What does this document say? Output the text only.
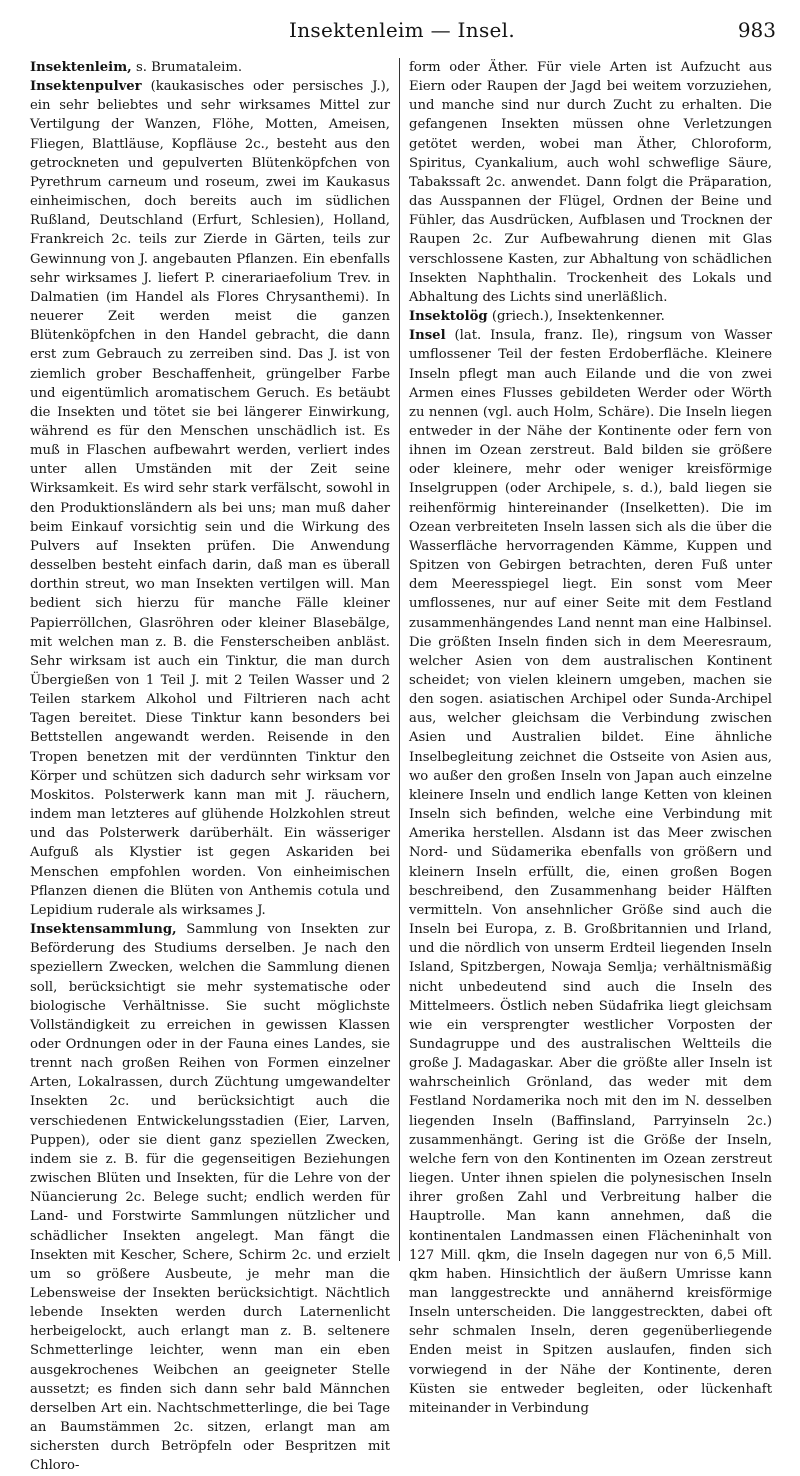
Insektenleim — Insel.	983

Insektenleim, s. Brumataleim.

Insektenpulver (kaukasisches oder persisches J.), ein sehr beliebtes und sehr wirksames Mittel zur Vertilgung der Wanzen, Flöhe, Motten, Ameisen, Fliegen, Blattläuse, Kopfläuse 2c., besteht aus den getrockneten und gepulverten Blütenköpfchen von Pyrethrum carneum und roseum, zwei im Kaukasus einheimischen, doch bereits auch im südlichen Rußland, Deutschland (Erfurt, Schlesien), Holland, Frankreich 2c. teils zur Zierde in Gärten, teils zur Gewinnung von J. angebauten Pflanzen. Ein ebenfalls sehr wirksames J. liefert P. cinerariaefolium Trev. in Dalmatien (im Handel als Flores Chrysanthemi). In neuerer Zeit werden meist die ganzen Blütenköpfchen in den Handel gebracht, die dann erst zum Gebrauch zu zerreiben sind. Das J. ist von ziemlich grober Beschaffenheit, grüngelber Farbe und eigentümlich aromatischem Geruch. Es betäubt die Insekten und tötet sie bei längerer Einwirkung, während es für den Menschen unschädlich ist. Es muß in Flaschen aufbewahrt werden, verliert indes unter allen Umständen mit der Zeit seine Wirksamkeit. Es wird sehr stark verfälscht, sowohl in den Produktionsländern als bei uns; man muß daher beim Einkauf vorsichtig sein und die Wirkung des Pulvers auf Insekten prüfen. Die Anwendung desselben besteht einfach darin, daß man es überall dorthin streut, wo man Insekten vertilgen will. Man bedient sich hierzu für manche Fälle kleiner Papierröllchen, Glasröhren oder kleiner Blasebälge, mit welchen man z. B. die Fensterscheiben anbläst. Sehr wirksam ist auch ein Tinktur, die man durch Übergießen von 1 Teil J. mit 2 Teilen Wasser und 2 Teilen starkem Alkohol und Filtrieren nach acht Tagen bereitet. Diese Tinktur kann besonders bei Bettstellen angewandt werden. Reisende in den Tropen benetzen mit der verdünnten Tinktur den Körper und schützen sich dadurch sehr wirksam vor Moskitos. Polsterwerk kann man mit J. räuchern, indem man letzteres auf glühende Holzkohlen streut und das Polsterwerk darüberhält. Ein wässeriger Aufguß als Klystier ist gegen Askariden bei Menschen empfohlen worden. Von einheimischen Pflanzen dienen die Blüten von Anthemis cotula und Lepidium ruderale als wirksames J.

Insektensammlung, Sammlung von Insekten zur Beförderung des Studiums derselben. Je nach den speziellern Zwecken, welchen die Sammlung dienen soll, berücksichtigt sie mehr systematische oder biologische Verhältnisse. Sie sucht möglichste Vollständigkeit zu erreichen in gewissen Klassen oder Ordnungen oder in der Fauna eines Landes, sie trennt nach großen Reihen von Formen einzelner Arten, Lokalrassen, durch Züchtung umgewandelter Insekten 2c. und berücksichtigt auch die verschiedenen Entwickelungsstadien (Eier, Larven, Puppen), oder sie dient ganz speziellen Zwecken, indem sie z. B. für die gegenseitigen Beziehungen zwischen Blüten und Insekten, für die Lehre von der Nüancierung 2c. Belege sucht; endlich werden für Land- und Forstwirte Sammlungen nützlicher und schädlicher Insekten angelegt. Man fängt die Insekten mit Kescher, Schere, Schirm 2c. und erzielt um so größere Ausbeute, je mehr man die Lebensweise der Insekten berücksichtigt. Nächtlich lebende Insekten werden durch Laternenlicht herbeigelockt, auch erlangt man z. B. seltenere Schmetterlinge leichter, wenn man ein eben ausgekrochenes Weibchen an geeigneter Stelle aussetzt; es finden sich dann sehr bald Männchen derselben Art ein. Nachtschmetterlinge, die bei Tage an Baumstämmen 2c. sitzen, erlangt man am sichersten durch Betröpfeln oder Bespritzen mit Chloro-

form oder Äther. Für viele Arten ist Aufzucht aus Eiern oder Raupen der Jagd bei weitem vorzuziehen, und manche sind nur durch Zucht zu erhalten. Die gefangenen Insekten müssen ohne Verletzungen getötet werden, wobei man Äther, Chloroform, Spiritus, Cyankalium, auch wohl schweflige Säure, Tabakssaft 2c. anwendet. Dann folgt die Präparation, das Ausspannen der Flügel, Ordnen der Beine und Fühler, das Ausdrücken, Aufblasen und Trocknen der Raupen 2c. Zur Aufbewahrung dienen mit Glas verschlossene Kasten, zur Abhaltung von schädlichen Insekten Naphthalin. Trockenheit des Lokals und Abhaltung des Lichts sind unerläßlich.

Insektolög (griech.), Insektenkenner.

Insel (lat. Insula, franz. Ile), ringsum von Wasser umflossener Teil der festen Erdoberfläche. Kleinere Inseln pflegt man auch Eilande und die von zwei Armen eines Flusses gebildeten Werder oder Wörth zu nennen (vgl. auch Holm, Schäre). Die Inseln liegen entweder in der Nähe der Kontinente oder fern von ihnen im Ozean zerstreut. Bald bilden sie größere oder kleinere, mehr oder weniger kreisförmige Inselgruppen (oder Archipele, s. d.), bald liegen sie reihenförmig hintereinander (Inselketten). Die im Ozean verbreiteten Inseln lassen sich als die über die Wasserfläche hervorragenden Kämme, Kuppen und Spitzen von Gebirgen betrachten, deren Fuß unter dem Meeresspiegel liegt. Ein sonst vom Meer umflossenes, nur auf einer Seite mit dem Festland zusammenhängendes Land nennt man eine Halbinsel. Die größten Inseln finden sich in dem Meeresraum, welcher Asien von dem australischen Kontinent scheidet; von vielen kleinern umgeben, machen sie den sogen. asiatischen Archipel oder Sunda-Archipel aus, welcher gleichsam die Verbindung zwischen Asien und Australien bildet. Eine ähnliche Inselbegleitung zeichnet die Ostseite von Asien aus, wo außer den großen Inseln von Japan auch einzelne kleinere Inseln und endlich lange Ketten von kleinen Inseln sich befinden, welche eine Verbindung mit Amerika herstellen. Alsdann ist das Meer zwischen Nord- und Südamerika ebenfalls von größern und kleinern Inseln erfüllt, die, einen großen Bogen beschreibend, den Zusammenhang beider Hälften vermitteln. Von ansehnlicher Größe sind auch die Inseln bei Europa, z. B. Großbritannien und Irland, und die nördlich von unserm Erdteil liegenden Inseln Island, Spitzbergen, Nowaja Semlja; verhältnismäßig nicht unbedeutend sind auch die Inseln des Mittelmeers. Östlich neben Südafrika liegt gleichsam wie ein versprengter westlicher Vorposten der Sundagruppe und des australischen Weltteils die große J. Madagaskar. Aber die größte aller Inseln ist wahrscheinlich Grönland, das weder mit dem Festland Nordamerika noch mit den im N. desselben liegenden Inseln (Baffinsland, Parryinseln 2c.) zusammenhängt. Gering ist die Größe der Inseln, welche fern von den Kontinenten im Ozean zerstreut liegen. Unter ihnen spielen die polynesischen Inseln ihrer großen Zahl und Verbreitung halber die Hauptrolle. Man kann annehmen, daß die kontinentalen Landmassen einen Flächeninhalt von 127 Mill. qkm, die Inseln dagegen nur von 6,5 Mill. qkm haben. Hinsichtlich der äußern Umrisse kann man langgestreckte und annähernd kreisförmige Inseln unterscheiden. Die langgestreckten, dabei oft sehr schmalen Inseln, deren gegenüberliegende Enden meist in Spitzen auslaufen, finden sich vorwiegend in der Nähe der Kontinente, deren Küsten sie entweder begleiten, oder lückenhaft miteinander in Verbindung
